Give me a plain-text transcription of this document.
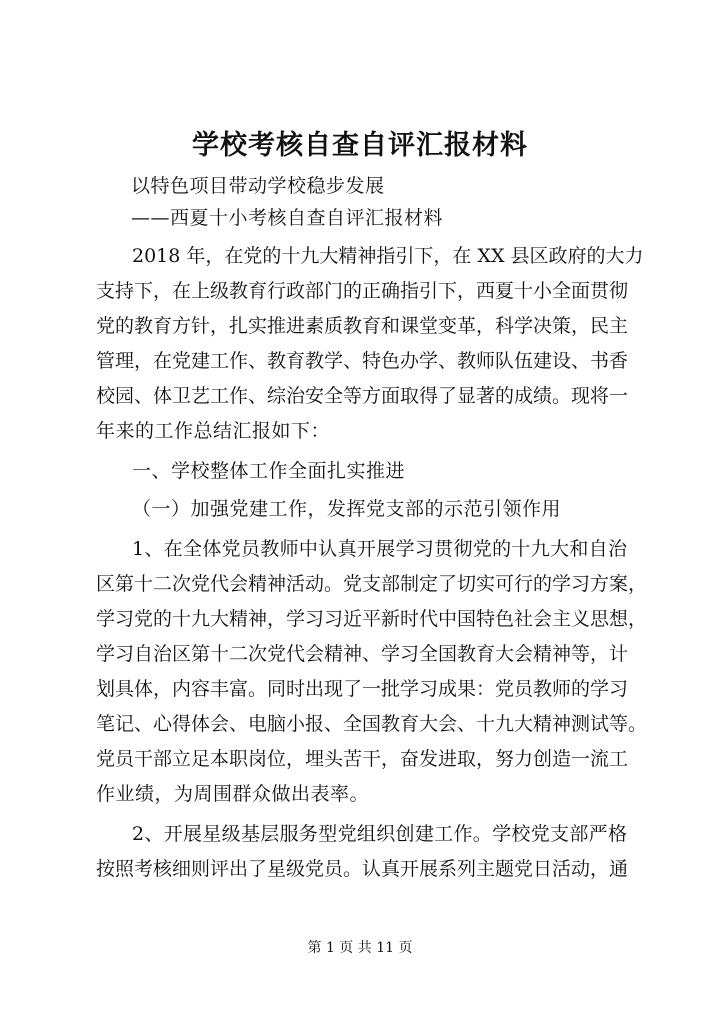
学校考核自查自评汇报材料
以特色项目带动学校稳步发展
——西夏十小考核自查自评汇报材料
2018 年，在党的十九大精神指引下，在 XX 县区政府的大力
支持下，在上级教育行政部门的正确指引下，西夏十小全面贯彻
党的教育方针，扎实推进素质教育和课堂变革，科学决策，民主
管理，在党建工作、教育教学、特色办学、教师队伍建设、书香
校园、体卫艺工作、综治安全等方面取得了显著的成绩。现将一
年来的工作总结汇报如下：
一、学校整体工作全面扎实推进
（一）加强党建工作，发挥党支部的示范引领作用
1、在全体党员教师中认真开展学习贯彻党的十九大和自治
区第十二次党代会精神活动。党支部制定了切实可行的学习方案，
学习党的十九大精神，学习习近平新时代中国特色社会主义思想，
学习自治区第十二次党代会精神、学习全国教育大会精神等，计
划具体，内容丰富。同时出现了一批学习成果：党员教师的学习
笔记、心得体会、电脑小报、全国教育大会、十九大精神测试等。
党员干部立足本职岗位，埋头苦干，奋发进取，努力创造一流工
作业绩，为周围群众做出表率。
2、开展星级基层服务型党组织创建工作。学校党支部严格
按照考核细则评出了星级党员。认真开展系列主题党日活动，通
第 1 页 共 11 页
